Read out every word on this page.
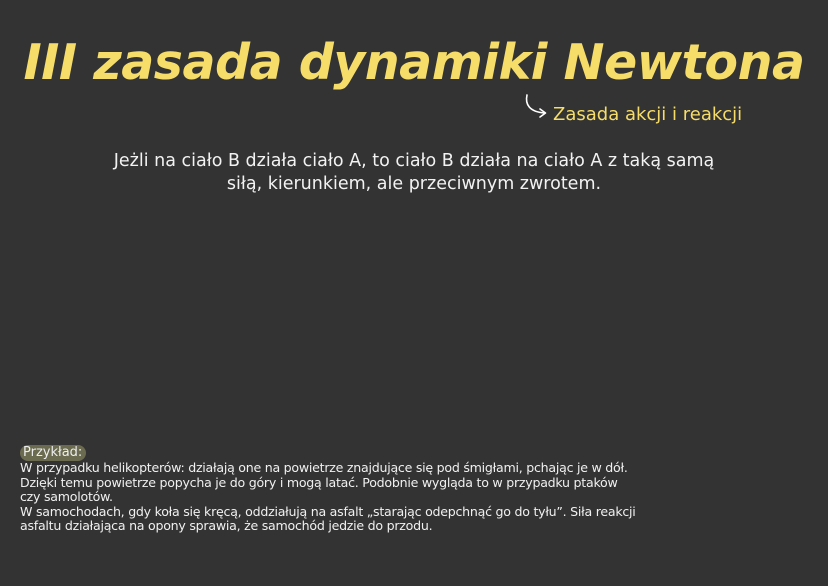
III zasada dynamiki Newtona
Zasada akcji i reakcji
Jeżli na ciało B działa ciało A, to ciało B działa na ciało A z taką samą
siłą, kierunkiem, ale przeciwnym zwrotem.
Przykład:
W przypadku helikopterów: działają one na powietrze znajdujące się pod śmigłami, pchając je w dół.
Dzięki temu powietrze popycha je do góry i mogą latać. Podobnie wygląda to w przypadku ptaków
czy samolotów.
W samochodach, gdy koła się kręcą, oddziałują na asfalt „starając odepchnąć go do tyłu”. Siła reakcji
asfaltu działająca na opony sprawia, że samochód jedzie do przodu.
